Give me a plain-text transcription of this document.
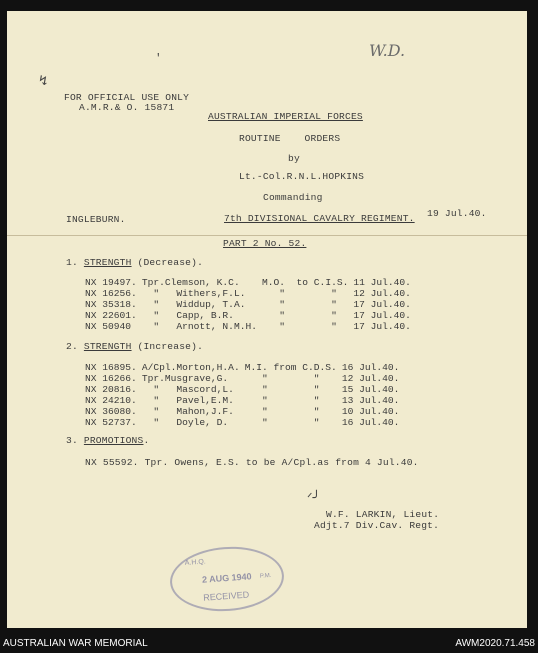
W.D.
'
↯
FOR OFFICIAL USE ONLY
A.M.R.& O. 15871
AUSTRALIAN IMPERIAL FORCES
ROUTINE    ORDERS
by
Lt.-Col.R.N.L.HOPKINS
Commanding
INGLEBURN.	7th DIVISIONAL CAVALRY REGIMENT. 19 Jul.40.
PART 2 No. 52.
1. STRENGTH (Decrease).
NX 19497.	Tpr.Clemson, K.C.	M.O.  to C.I.S.	11 Jul.40.
NX 16256.	"   Withers,F.L.	"        "	12 Jul.40.
NX 35318.	"   Widdup, T.A.	"        "	17 Jul.40.
NX 22601.	"   Capp, B.R.	"        "	17 Jul.40.
NX 50940	"   Arnott, N.M.H.	"        "	17 Jul.40.
2. STRENGTH (Increase).
NX 16895.	A/Cpl.Morton,H.A.	M.I. from C.D.S.	16 Jul.40.
NX 16266.	Tpr.Musgrave,G.	"        "	12 Jul.40.
NX 20816.	"   Mascord,L.	"        "	15 Jul.40.
NX 24210.	"   Pavel,E.M.	"        "	13 Jul.40.
NX 36080.	"   Mahon,J.F.	"        "	10 Jul.40.
NX 52737.	"   Doyle, D.	"        "	16 Jul.40.
3. PROMOTIONS.
NX 55592. Tpr. Owens, E.S. to be A/Cpl.as from 4 Jul.40.
ᐟ╯
W.F. LARKIN, Lieut.
Adjt.7 Div.Cav. Regt.
A.H.Q.
2 AUG 1940 P.M.
RECEIVED
AUSTRALIAN WAR MEMORIAL	AWM2020.71.458
